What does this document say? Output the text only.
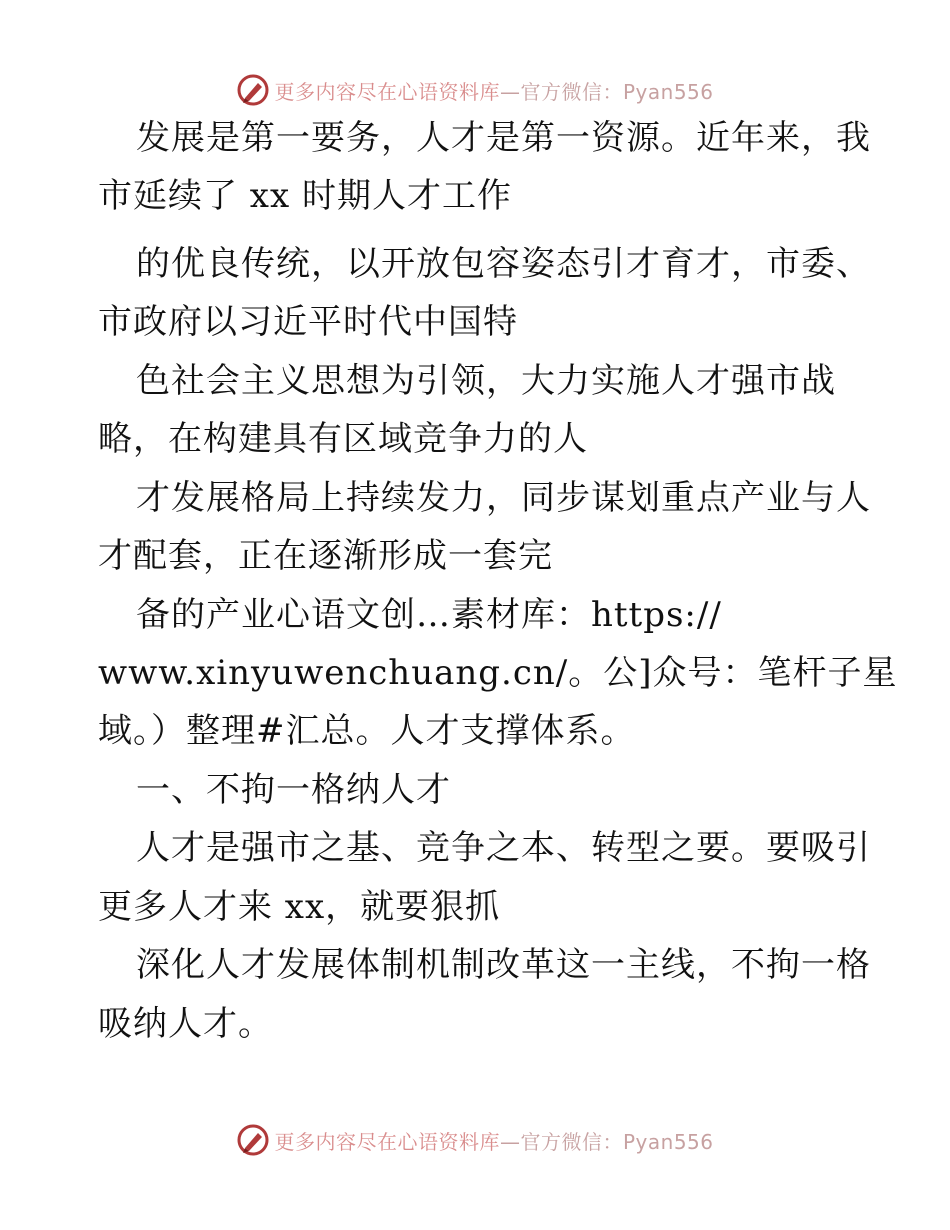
更多内容尽在心语资料库—官方微信：Pyan556
发展是第一要务，人才是第一资源。近年来，我
市延续了 xx 时期人才工作
的优良传统，以开放包容姿态引才育才，市委、
市政府以习近平时代中国特
色社会主义思想为引领，大力实施人才强市战
略，在构建具有区域竞争力的人
才发展格局上持续发力，同步谋划重点产业与人
才配套，正在逐渐形成一套完
备的产业心语文创…素材库：https://
www.xinyuwenchuang.cn/。公]众号：笔杆子星
域。）整理#汇总。人才支撑体系。
一、不拘一格纳人才
人才是强市之基、竞争之本、转型之要。要吸引
更多人才来 xx，就要狠抓
深化人才发展体制机制改革这一主线，不拘一格
吸纳人才。
更多内容尽在心语资料库—官方微信：Pyan556
